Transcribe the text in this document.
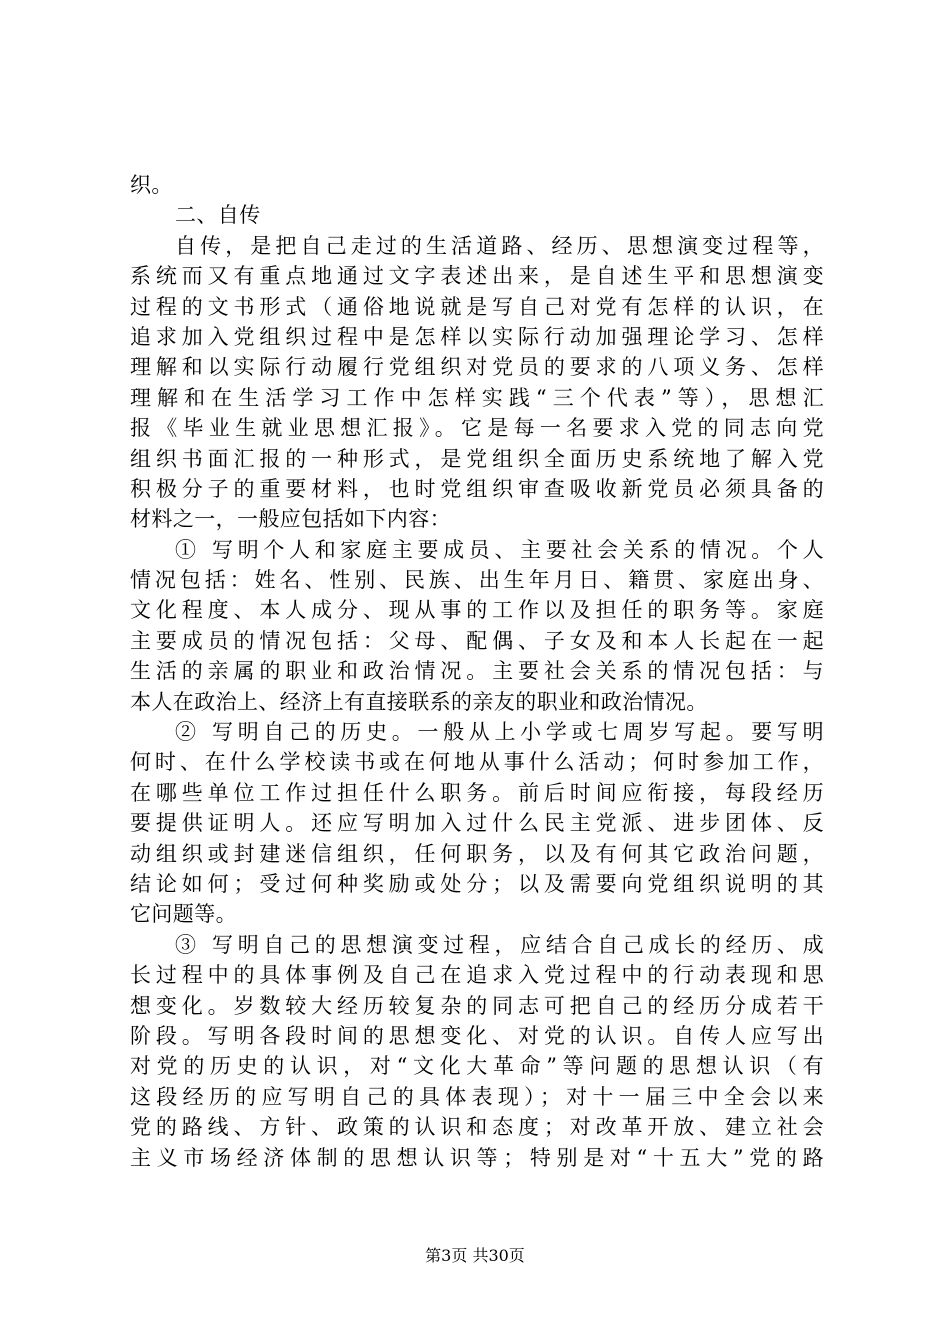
织。
二、自传
自传，是把自己走过的生活道路、经历、思想演变过程等，
系统而又有重点地通过文字表述出来，是自述生平和思想演变
过程的文书形式（通俗地说就是写自己对党有怎样的认识，在
追求加入党组织过程中是怎样以实际行动加强理论学习、怎样
理解和以实际行动履行党组织对党员的要求的八项义务、怎样
理解和在生活学习工作中怎样实践“三个代表”等），思想汇
报《毕业生就业思想汇报》。它是每一名要求入党的同志向党
组织书面汇报的一种形式，是党组织全面历史系统地了解入党
积极分子的重要材料，也时党组织审查吸收新党员必须具备的
材料之一，一般应包括如下内容：
① 写明个人和家庭主要成员、主要社会关系的情况。个人
情况包括：姓名、性别、民族、出生年月日、籍贯、家庭出身、
文化程度、本人成分、现从事的工作以及担任的职务等。家庭
主要成员的情况包括：父母、配偶、子女及和本人长起在一起
生活的亲属的职业和政治情况。主要社会关系的情况包括：与
本人在政治上、经济上有直接联系的亲友的职业和政治情况。
② 写明自己的历史。一般从上小学或七周岁写起。要写明
何时、在什么学校读书或在何地从事什么活动；何时参加工作，
在哪些单位工作过担任什么职务。前后时间应衔接，每段经历
要提供证明人。还应写明加入过什么民主党派、进步团体、反
动组织或封建迷信组织，任何职务，以及有何其它政治问题，
结论如何；受过何种奖励或处分；以及需要向党组织说明的其
它问题等。
③ 写明自己的思想演变过程，应结合自己成长的经历、成
长过程中的具体事例及自己在追求入党过程中的行动表现和思
想变化。岁数较大经历较复杂的同志可把自己的经历分成若干
阶段。写明各段时间的思想变化、对党的认识。自传人应写出
对党的历史的认识，对“文化大革命”等问题的思想认识（有
这段经历的应写明自己的具体表现）；对十一届三中全会以来
党的路线、方针、政策的认识和态度；对改革开放、建立社会
主义市场经济体制的思想认识等；特别是对“十五大”党的路
第3页 共30页
